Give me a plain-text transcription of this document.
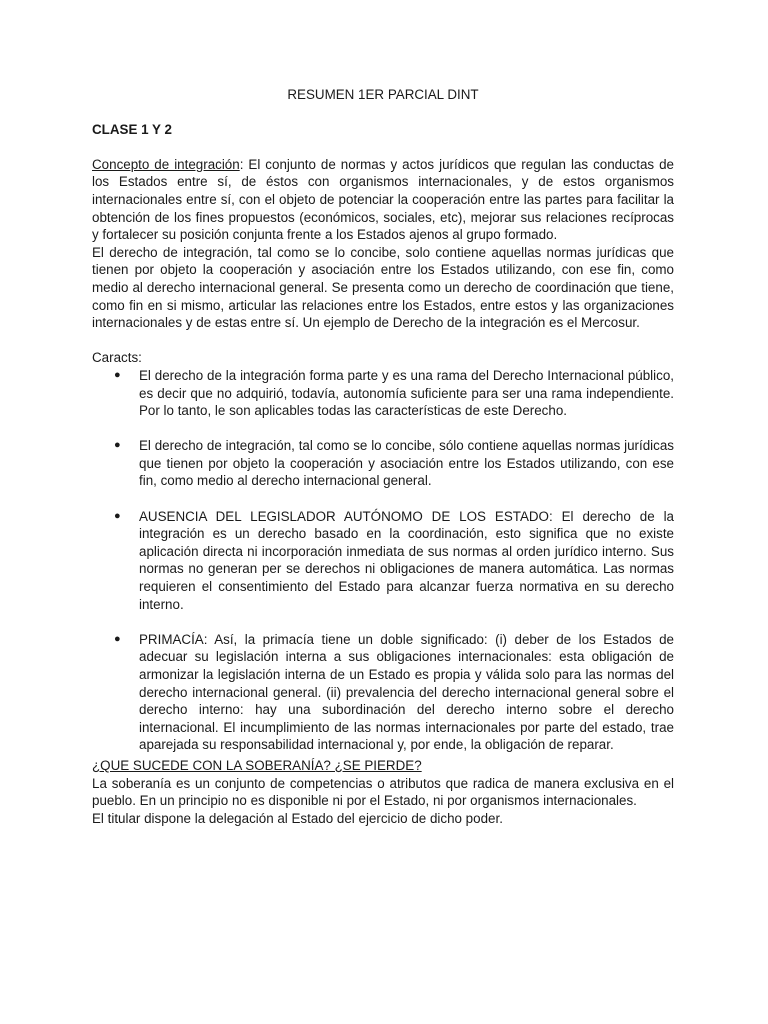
RESUMEN 1ER PARCIAL DINT
CLASE 1 Y 2

Concepto de integración: El conjunto de normas y actos jurídicos que regulan las conductas de los Estados entre sí, de éstos con organismos internacionales, y de estos organismos internacionales entre sí, con el objeto de potenciar la cooperación entre las partes para facilitar la obtención de los fines propuestos (económicos, sociales, etc), mejorar sus relaciones recíprocas y fortalecer su posición conjunta frente a los Estados ajenos al grupo formado.

El derecho de integración, tal como se lo concibe, solo contiene aquellas normas jurídicas que tienen por objeto la cooperación y asociación entre los Estados utilizando, con ese fin, como medio al derecho internacional general. Se presenta como un derecho de coordinación que tiene, como fin en si mismo, articular las relaciones entre los Estados, entre estos y las organizaciones internacionales y de estas entre sí. Un ejemplo de Derecho de la integración es el Mercosur.

Caracts:

● El derecho de la integración forma parte y es una rama del Derecho Internacional público, es decir que no adquirió, todavía, autonomía suficiente para ser una rama independiente. Por lo tanto, le son aplicables todas las características de este Derecho.
● El derecho de integración, tal como se lo concibe, sólo contiene aquellas normas jurídicas que tienen por objeto la cooperación y asociación entre los Estados utilizando, con ese fin, como medio al derecho internacional general.
● AUSENCIA DEL LEGISLADOR AUTÓNOMO DE LOS ESTADO: El derecho de la integración es un derecho basado en la coordinación, esto significa que no existe aplicación directa ni incorporación inmediata de sus normas al orden jurídico interno. Sus normas no generan per se derechos ni obligaciones de manera automática. Las normas requieren el consentimiento del Estado para alcanzar fuerza normativa en su derecho interno.
● PRIMACÍA: Así, la primacía tiene un doble significado: (i) deber de los Estados de adecuar su legislación interna a sus obligaciones internacionales: esta obligación de armonizar la legislación interna de un Estado es propia y válida solo para las normas del derecho internacional general. (ii) prevalencia del derecho internacional general sobre el derecho interno: hay una subordinación del derecho interno sobre el derecho internacional. El incumplimiento de las normas internacionales por parte del estado, trae aparejada su responsabilidad internacional y, por ende, la obligación de reparar.

¿QUE SUCEDE CON LA SOBERANÍA? ¿SE PIERDE?

La soberanía es un conjunto de competencias o atributos que radica de manera exclusiva en el pueblo. En un principio no es disponible ni por el Estado, ni por organismos internacionales.

El titular dispone la delegación al Estado del ejercicio de dicho poder.
